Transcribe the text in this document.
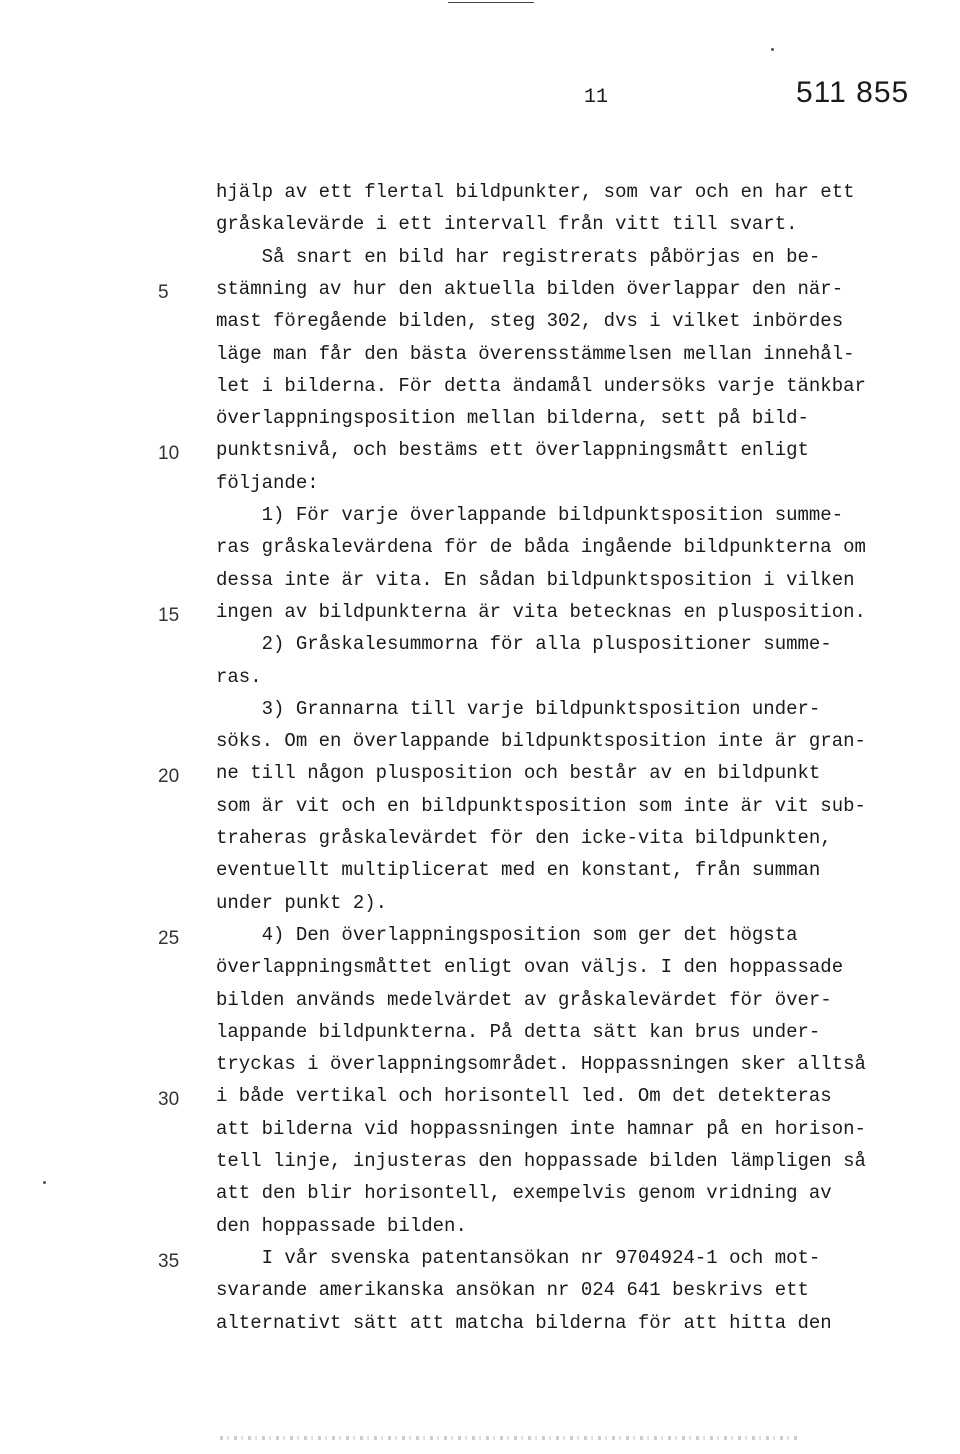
11	511 855
hjälp av ett flertal bildpunkter, som var och en har ett
gråskalevärde i ett intervall från vitt till svart.
Så snart en bild har registrerats påbörjas en be-
stämning av hur den aktuella bilden överlappar den när-
mast föregående bilden, steg 302, dvs i vilket inbördes
läge man får den bästa överensstämmelsen mellan innehål-
let i bilderna. För detta ändamål undersöks varje tänkbar
överlappningsposition mellan bilderna, sett på bild-
punktsnivå, och bestäms ett överlappningsmått enligt
följande:
1) För varje överlappande bildpunktsposition summe-
ras gråskalevärdena för de båda ingående bildpunkterna om
dessa inte är vita. En sådan bildpunktsposition i vilken
ingen av bildpunkterna är vita betecknas en plusposition.
2) Gråskalesummorna för alla pluspositioner summe-
ras.
3) Grannarna till varje bildpunktsposition under-
söks. Om en överlappande bildpunktsposition inte är gran-
ne till någon plusposition och består av en bildpunkt
som är vit och en bildpunktsposition som inte är vit sub-
traheras gråskalevärdet för den icke-vita bildpunkten,
eventuellt multiplicerat med en konstant, från summan
under punkt 2).
4) Den överlappningsposition som ger det högsta
överlappningsmåttet enligt ovan väljs. I den hoppassade
bilden används medelvärdet av gråskalevärdet för över-
lappande bildpunkterna. På detta sätt kan brus under-
tryckas i överlappningsområdet. Hoppassningen sker alltså
i både vertikal och horisontell led. Om det detekteras
att bilderna vid hoppassningen inte hamnar på en horison-
tell linje, injusteras den hoppassade bilden lämpligen så
att den blir horisontell, exempelvis genom vridning av
den hoppassade bilden.
I vår svenska patentansökan nr 9704924-1 och mot-
svarande amerikanska ansökan nr 024 641 beskrivs ett
alternativt sätt att matcha bilderna för att hitta den
5
10
15
20
25
30
35
